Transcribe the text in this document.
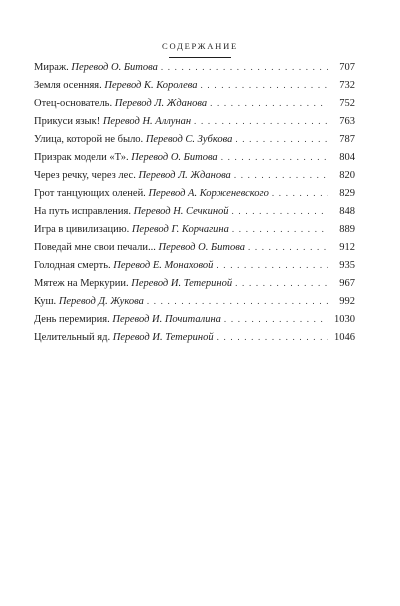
СОДЕРЖАНИЕ
Мираж.
Перевод О. Битова . . .	707
Земля осенняя.
Перевод К. Королева . . .	732
Отец-основатель.
Перевод Л. Жданова . . .	752
Прикуси язык!
Перевод Н. Аллунан . . .	763
Улица, которой не было.
Перевод С. Зубкова . . .	787
Призрак модели «Т».
Перевод О. Битова . . .	804
Через речку, через лес.
Перевод Л. Жданова . . .	820
Грот танцующих оленей.
Перевод А. Корженевского . . .	829
На путь исправления.
Перевод Н. Сечкиной . . .	848
Игра в цивилизацию.
Перевод Г. Корчагина . . .	889
Поведай мне свои печали...
Перевод О. Битова . . .	912
Голодная смерть.
Перевод Е. Монаховой . . .	935
Мятеж на Меркурии.
Перевод И. Тетериной . . .	967
Куш.
Перевод Д. Жукова . . .	992
День перемирия.
Перевод И. Почиталина . . .	1030
Целительный яд.
Перевод И. Тетериной . . .	1046
